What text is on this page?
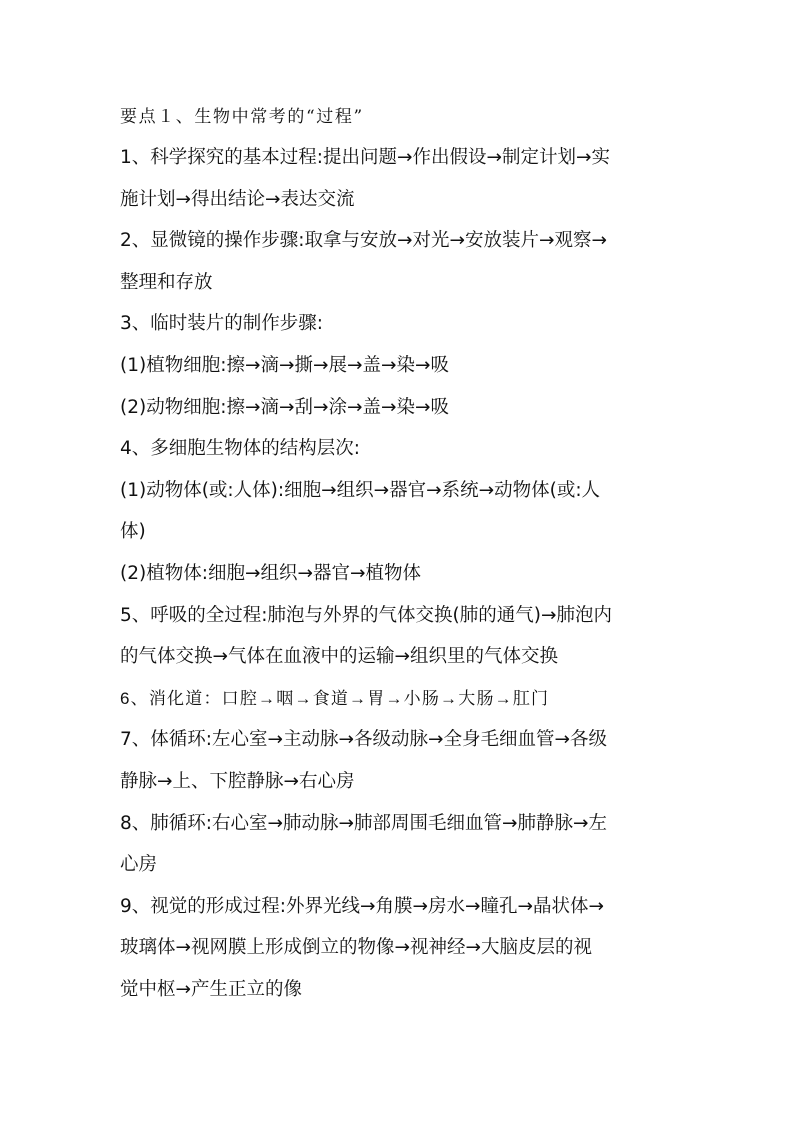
要点１、生物中常考的“过程”
1、科学探究的基本过程:提出问题→作出假设→制定计划→实
施计划→得出结论→表达交流
2、显微镜的操作步骤:取拿与安放→对光→安放装片→观察→
整理和存放
3、临时装片的制作步骤:
(1)植物细胞:擦→滴→撕→展→盖→染→吸
(2)动物细胞:擦→滴→刮→涂→盖→染→吸
4、多细胞生物体的结构层次:
(1)动物体(或:人体):细胞→组织→器官→系统→动物体(或:人
体)
(2)植物体:细胞→组织→器官→植物体
5、呼吸的全过程:肺泡与外界的气体交换(肺的通气)→肺泡内
的气体交换→气体在血液中的运输→组织里的气体交换
6、消化道：口腔→咽→食道→胃→小肠→大肠→肛门
7、体循环:左心室→主动脉→各级动脉→全身毛细血管→各级
静脉→上、下腔静脉→右心房
8、肺循环:右心室→肺动脉→肺部周围毛细血管→肺静脉→左
心房
9、视觉的形成过程:外界光线→角膜→房水→瞳孔→晶状体→
玻璃体→视网膜上形成倒立的物像→视神经→大脑皮层的视
觉中枢→产生正立的像
